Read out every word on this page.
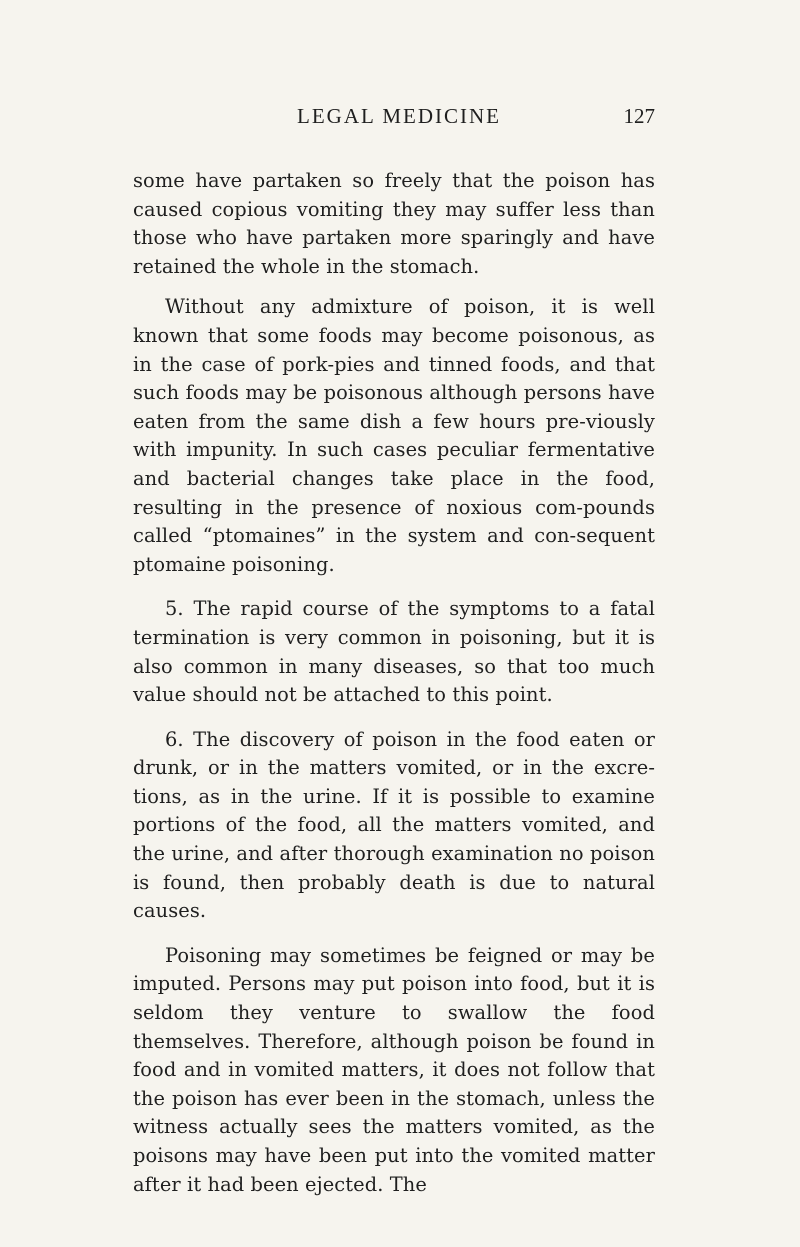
LEGAL MEDICINE	127

some have partaken so freely that the poison has caused copious vomiting they may suffer less than those who have partaken more sparingly and have retained the whole in the stomach.

Without any admixture of poison, it is well known that some foods may become poisonous, as in the case of pork-pies and tinned foods, and that such foods may be poisonous although persons have eaten from the same dish a few hours pre-viously with impunity. In such cases peculiar fermentative and bacterial changes take place in the food, resulting in the presence of noxious com-pounds called “ptomaines” in the system and con-sequent ptomaine poisoning.

5. The rapid course of the symptoms to a fatal termination is very common in poisoning, but it is also common in many diseases, so that too much value should not be attached to this point.

6. The discovery of poison in the food eaten or drunk, or in the matters vomited, or in the excre-tions, as in the urine. If it is possible to examine portions of the food, all the matters vomited, and the urine, and after thorough examination no poison is found, then probably death is due to natural causes.

Poisoning may sometimes be feigned or may be imputed. Persons may put poison into food, but it is seldom they venture to swallow the food themselves. Therefore, although poison be found in food and in vomited matters, it does not follow that the poison has ever been in the stomach, unless the witness actually sees the matters vomited, as the poisons may have been put into the vomited matter after it had been ejected. The
